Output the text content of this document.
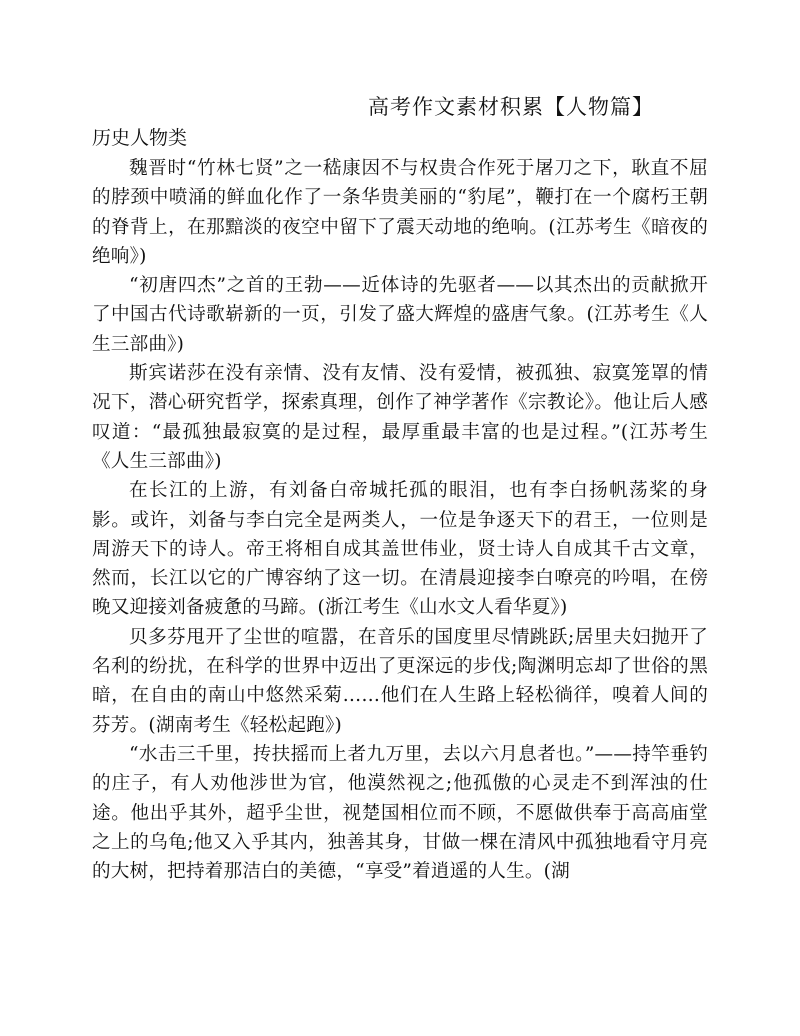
高考作文素材积累【人物篇】
历史人物类

魏晋时“竹林七贤”之一嵇康因不与权贵合作死于屠刀之下，耿直不屈的脖颈中喷涌的鲜血化作了一条华贵美丽的“豹尾”，鞭打在一个腐朽王朝的脊背上，在那黯淡的夜空中留下了震天动地的绝响。(江苏考生《暗夜的绝响》)

“初唐四杰”之首的王勃——近体诗的先驱者——以其杰出的贡献掀开了中国古代诗歌崭新的一页，引发了盛大辉煌的盛唐气象。(江苏考生《人生三部曲》)

斯宾诺莎在没有亲情、没有友情、没有爱情，被孤独、寂寞笼罩的情况下，潜心研究哲学，探索真理，创作了神学著作《宗教论》。他让后人感叹道：“最孤独最寂寞的是过程，最厚重最丰富的也是过程。”(江苏考生《人生三部曲》)

在长江的上游，有刘备白帝城托孤的眼泪，也有李白扬帆荡桨的身影。或许，刘备与李白完全是两类人，一位是争逐天下的君王，一位则是周游天下的诗人。帝王将相自成其盖世伟业，贤士诗人自成其千古文章，然而，长江以它的广博容纳了这一切。在清晨迎接李白嘹亮的吟唱，在傍晚又迎接刘备疲惫的马蹄。(浙江考生《山水文人看华夏》)

贝多芬甩开了尘世的喧嚣，在音乐的国度里尽情跳跃;居里夫妇抛开了名利的纷扰，在科学的世界中迈出了更深远的步伐;陶渊明忘却了世俗的黑暗，在自由的南山中悠然采菊……他们在人生路上轻松徜徉，嗅着人间的芬芳。(湖南考生《轻松起跑》)

“水击三千里，抟扶摇而上者九万里，去以六月息者也。”——持竿垂钓的庄子，有人劝他涉世为官，他漠然视之;他孤傲的心灵走不到浑浊的仕途。他出乎其外，超乎尘世，视楚国相位而不顾，不愿做供奉于高高庙堂之上的乌龟;他又入乎其内，独善其身，甘做一棵在清风中孤独地看守月亮的大树，把持着那洁白的美德，“享受”着逍遥的人生。(湖
